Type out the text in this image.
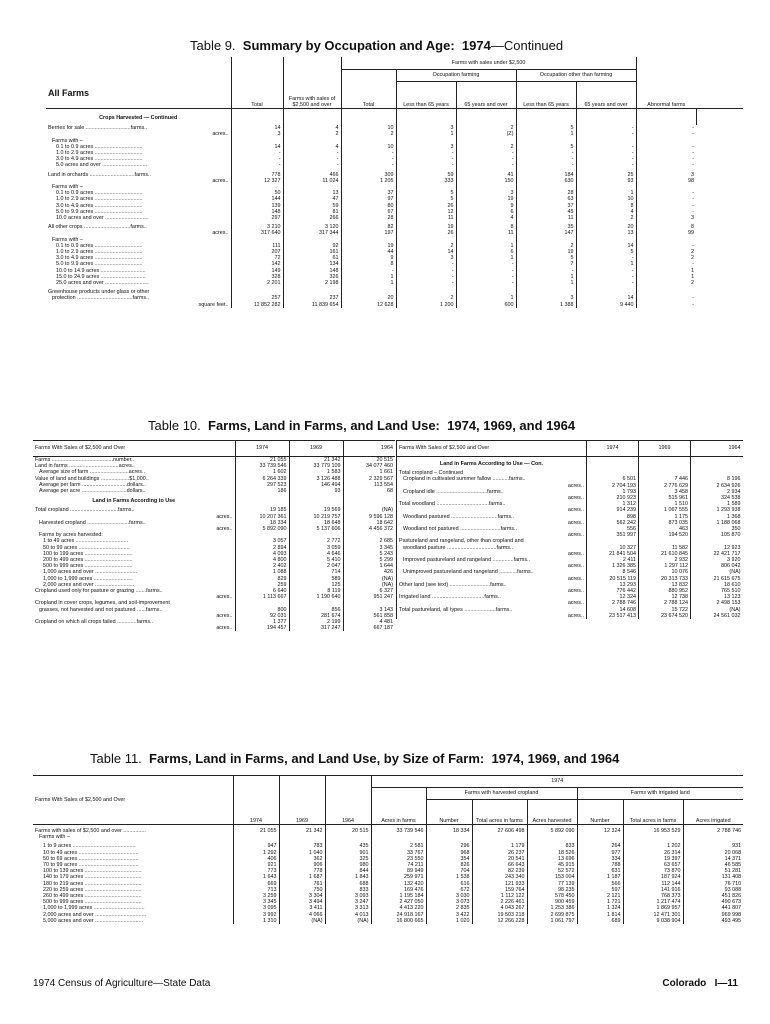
Table 9. Summary by Occupation and Age: 1974—Continued
All Farms
	Total	Farms with sales of $2,500 and over	Farms with sales under $2,500					Abnormal farms	
			Total	Occupation farming		Occupation other than farming			
				Less than 65 years	65 years and over	Less than 65 years	65 years and over		
Crops Harvested — Continued									
Berries for sale ..............................farms..	14	4	10	3	2	5	-	-	
acres..	3	2	2	1	(Z)	1	-	-	
Farms with –									
0.1 to 0.9 acres ................................	14	4	10	3	2	5	-	-	
1.0 to 2.9 acres ................................	-	-	-	-	-	-	-	-	
3.0 to 4.9 acres ................................	-	-	-	-	-	-	-	-	
5.0 acres and over ..............................	-	-	-	-	-	-	-	-	
Land in orchards ..............................farms..	778	466	309	59	41	184	25	3	
acres..	12 327	11 024	1 205	333	150	630	93	98	
Farms with –									
0.1 to 0.9 acres ................................	50	13	37	5	3	28	1	-	
1.0 to 2.9 acres ................................	144	47	97	5	19	63	10	-	
3.0 to 4.9 acres ................................	139	59	80	26	9	37	8	-	
5.0 to 9.9 acres ................................	148	81	67	12	6	45	4	-	
10.0 acres and over .............................	297	266	28	11	4	11	2	3	
All other crops ...............................farms..	3 210	3 120	82	19	8	35	20	8	
acres..	317 640	317 344	197	26	11	147	13	99	
Farms with –									
0.1 to 0.9 acres ................................	111	92	19	2	1	2	14	-	
1.0 to 2.9 acres ................................	207	161	44	14	6	19	5	2	
3.0 to 4.9 acres ................................	72	61	9	3	1	5	-	2	
5.0 to 9.9 acres ................................	142	134	8	-	-	7	1	-	
10.0 to 14.9 acres ..............................	149	148	-	-	-	-	-	1	
15.0 to 24.9 acres ..............................	328	326	1	-	-	1	-	1	
25.0 acres and over .............................	2 201	2 198	1	-	-	1	-	2	
Greenhouse products under glass or other									
protection .....................................farms..	257	237	20	2	1	3	14	-	
square feet..	11 852 282	11 839 654	12 628	1 200	600	1 388	9 440	-	
Table 10. Farms, Land in Farms, and Land Use: 1974, 1969, and 1964
Farms With Sales of $2,500 and Over	1974	1969	1964
Farms .........................................number..	21 055	21 342	20 515
Land in farms .................................acres..	33 739 546	33 779 109	34 077 460
Average size of farm ..........................acres..	1 602	1 583	1 661
Value of land and buildings ...................$1,000..	6 264 339	3 126 488	2 329 567
Average per farm ..............................dollars..	297 523	146 494	113 554
Average per acre ..............................dollars..	186	93	68
Land in Farms According to Use			
Total cropland ................................farms..	19 185	19 569	(NA)
acres..	10 207 361	10 219 757	9 596 128
Harvested cropland ............................farms..	18 334	18 648	18 642
acres..	5 892 090	5 137 606	4 456 372
Farms by acres harvested:			
1 to 49 acres ...................................	3 057	2 772	2 685
50 to 99 acres ..................................	2 894	3 059	3 345
100 to 199 acres ................................	4 093	4 646	5 243
200 to 499 acres ................................	4 800	5 410	5 299
500 to 999 acres ................................	2 402	2 047	1 644
1,000 acres and over ............................	1 088	714	426
1,000 to 1,999 acres ..........................	829	589	(NA)
2,000 acres and over ..........................	259	125	(NA)
Cropland used only for pasture or grazing .......farms..	6 640	8 119	6 327
acres..	1 113 667	1 190 640	951 247
Cropland in cover crops, legumes, and soil-improvement			
grasses, not harvested and not pastured ......farms..	800	856	3 143
acres..	92 031	281 674	561 858
Cropland on which all crops failed .............farms..	1 377	2 199	4 481
acres..	194 457	317 247	667 187
Farms With Sales of $2,500 and Over	1974	1969	1964
Land in Farms According to Use — Con.			
Total cropland – Continued			
Cropland in cultivated summer fallow ...........farms..	6 501	7 446	8 196
acres..	2 704 193	2 776 629	2 634 926
Cropland idle ..................................farms..	1 793	3 458	2 934
acres..	210 923	515 961	324 538

Total woodland ...................................farms..	1 312	1 510	1 589
acres..	914 239	1 067 555	1 293 938
Woodland pastured ...............................farms..	898	1 175	1 368
acres..	562 242	873 035	1 188 068
Woodland not pastured ...........................farms..	556	463	350
acres..	351 997	194 520	105 870

Pastureland and rangeland, other than cropland and			
woodland pasture .................................farms..	10 327	11 582	12 923
acres..	21 841 504	21 610 845	22 421 717
Improved pastureland and rangeland ..............farms..	2 411	2 932	3 920
acres..	1 326 385	1 297 112	806 042
Unimproved pastureland and rangeland ............farms..	8 546	10 076	(NA)
acres..	20 515 119	20 313 733	21 615 675

Other land (see text) ...........................farms..	13 293	13 832	18 610
acres..	776 442	880 952	765 510
Irrigated land ...................................farms..	12 324	12 738	13 123
acres..	2 788 746	2 788 124	2 498 153
Total pastureland, all types .....................farms..	14 608	15 722	(NA)
acres..	23 517 413	23 674 520	24 561 032
Table 11. Farms, Land in Farms, and Land Use, by Size of Farm: 1974, 1969, and 1964
Farms With Sales of $2,500 and Over	1974	1969	1964	1974						
				Acres in farms	Farms with harvested cropland			Farms with irrigated land		
					Number	Total acres in farms	Acres harvested	Number	Total acres in farms	Acres irrigated
Farms with sales of $2,500 and over ...............	21 055	21 342	20 515	33 739 546	18 334	27 606 498	5 892 090	12 324	16 953 529	2 788 746
Farms with –										
1 to 9 acres ..........................................	947	783	435	2 581	296	1 179	833	264	1 202	931
10 to 49 acres ........................................	1 292	1 040	901	33 767	968	26 237	18 526	977	26 314	20 068
50 to 69 acres ........................................	406	362	325	23 550	354	20 541	13 696	334	19 397	14 371
70 to 99 acres ........................................	921	906	980	74 211	826	66 643	45 915	788	63 657	46 585
100 to 139 acres ......................................	773	778	844	89 949	704	82 239	52 572	631	73 870	51 281
140 to 179 acres ......................................	1 643	1 687	1 843	259 971	1 538	243 340	153 004	1 187	187 924	131 408
180 to 219 acres ......................................	669	761	688	132 420	616	121 933	77 139	566	112 144	76 710
220 to 259 acres ......................................	713	750	833	169 476	672	159 764	98 235	597	141 916	93 088
260 to 499 acres ......................................	3 259	3 304	3 093	1 195 184	3 030	1 112 122	578 450	2 121	768 373	451 826
500 to 999 acres ......................................	3 345	3 494	3 247	2 427 050	3 073	2 226 461	900 459	1 721	1 217 474	490 673
1,000 to 1,999 acres ..................................	3 095	3 411	3 313	4 413 220	2 835	4 043 267	1 253 386	1 324	1 869 957	441 807
2,000 acres and over ..................................	3 992	4 066	4 013	24 918 167	3 422	19 503 218	2 699 875	1 814	12 471 301	969 998
5,000 acres and over ................................	1 310	(NA)	(NA)	16 800 665	1 020	12 266 228	1 061 797	689	9 038 904	493 495
1974 Census of Agriculture—State Data	Colorado I—11
